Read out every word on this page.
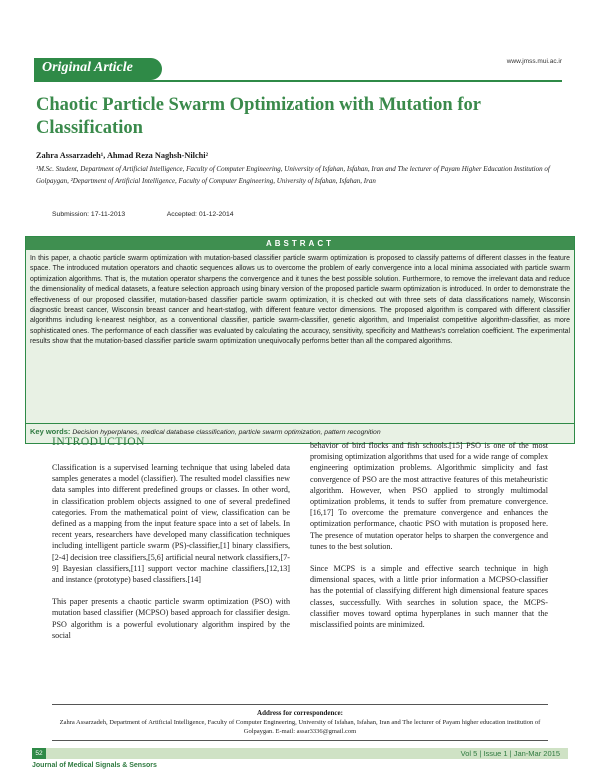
www.jmss.mui.ac.ir
Original Article
Chaotic Particle Swarm Optimization with Mutation for Classification
Zahra Assarzadeh¹, Ahmad Reza Naghsh-Nilchi²
¹M.Sc. Student, Department of Artificial Intelligence, Faculty of Computer Engineering, University of Isfahan, Isfahan, Iran and The lecturer of Payam Higher Education Institution of Golpaygan, ²Department of Artificial Intelligence, Faculty of Computer Engineering, University of Isfahan, Isfahan, Iran
Submission: 17-11-2013	Accepted: 01-12-2014
ABSTRACT
In this paper, a chaotic particle swarm optimization with mutation-based classifier particle swarm optimization is proposed to classify patterns of different classes in the feature space. The introduced mutation operators and chaotic sequences allows us to overcome the problem of early convergence into a local minima associated with particle swarm optimization algorithms. That is, the mutation operator sharpens the convergence and it tunes the best possible solution. Furthermore, to remove the irrelevant data and reduce the dimensionality of medical datasets, a feature selection approach using binary version of the proposed particle swarm optimization is introduced. In order to demonstrate the effectiveness of our proposed classifier, mutation-based classifier particle swarm optimization, it is checked out with three sets of data classifications namely, Wisconsin diagnostic breast cancer, Wisconsin breast cancer and heart-statlog, with different feature vector dimensions. The proposed algorithm is compared with different classifier algorithms including k-nearest neighbor, as a conventional classifier, particle swarm-classifier, genetic algorithm, and Imperialist competitive algorithm-classifier, as more sophisticated ones. The performance of each classifier was evaluated by calculating the accuracy, sensitivity, specificity and Matthews's correlation coefficient. The experimental results show that the mutation-based classifier particle swarm optimization unequivocally performs better than all the compared algorithms.
Key words: Decision hyperplanes, medical database classification, particle swarm optimization, pattern recognition
INTRODUCTION

Classification is a supervised learning technique that using labeled data samples generates a model (classifier). The resulted model classifies new data samples into different predefined groups or classes. In other word, in classification problem objects assigned to one of several predefined categories. From the mathematical point of view, classification can be defined as a mapping from the input feature space into a set of labels. In recent years, researchers have developed many classification techniques including intelligent particle swarm (PS)-classifier,[1] binary classifiers,[2-4] decision tree classifiers,[5,6] artificial neural network classifiers,[7-9] Bayesian classifiers,[11] support vector machine classifiers,[12,13] and instance (prototype) based classifiers.[14]

This paper presents a chaotic particle swarm optimization (PSO) with mutation based classifier (MCPSO) based approach for classifier design. PSO algorithm is a powerful evolutionary algorithm inspired by the social

behavior of bird flocks and fish schools.[15] PSO is one of the most promising optimization algorithms that used for a wide range of complex engineering optimization problems. Algorithmic simplicity and fast convergence of PSO are the most attractive features of this metaheuristic algorithm. However, when PSO applied to strongly multimodal optimization problems, it tends to suffer from premature convergence.[16,17] To overcome the premature convergence and enhances the optimization performance, chaotic PSO with mutation is proposed here. The presence of mutation operator helps to sharpen the convergence and tunes to the best solution.

Since MCPS is a simple and effective search technique in high dimensional spaces, with a little prior information a MCPSO-classifier has the potential of classifying different high dimensional feature spaces classes, successfully. With searches in solution space, the MCPS-classifier moves toward optima hyperplanes in such manner that the misclassified points are minimized.

Address for correspondence:
Zahra Assarzadeh, Department of Artificial Intelligence, Faculty of Computer Engineering, University of Isfahan, Isfahan, Iran and The lecturer of Payam higher education institution of Golpaygan. E-mail: assar3336@gmail.com
52	Vol 5 | Issue 1 | Jan-Mar 2015
Journal of Medical Signals & Sensors
